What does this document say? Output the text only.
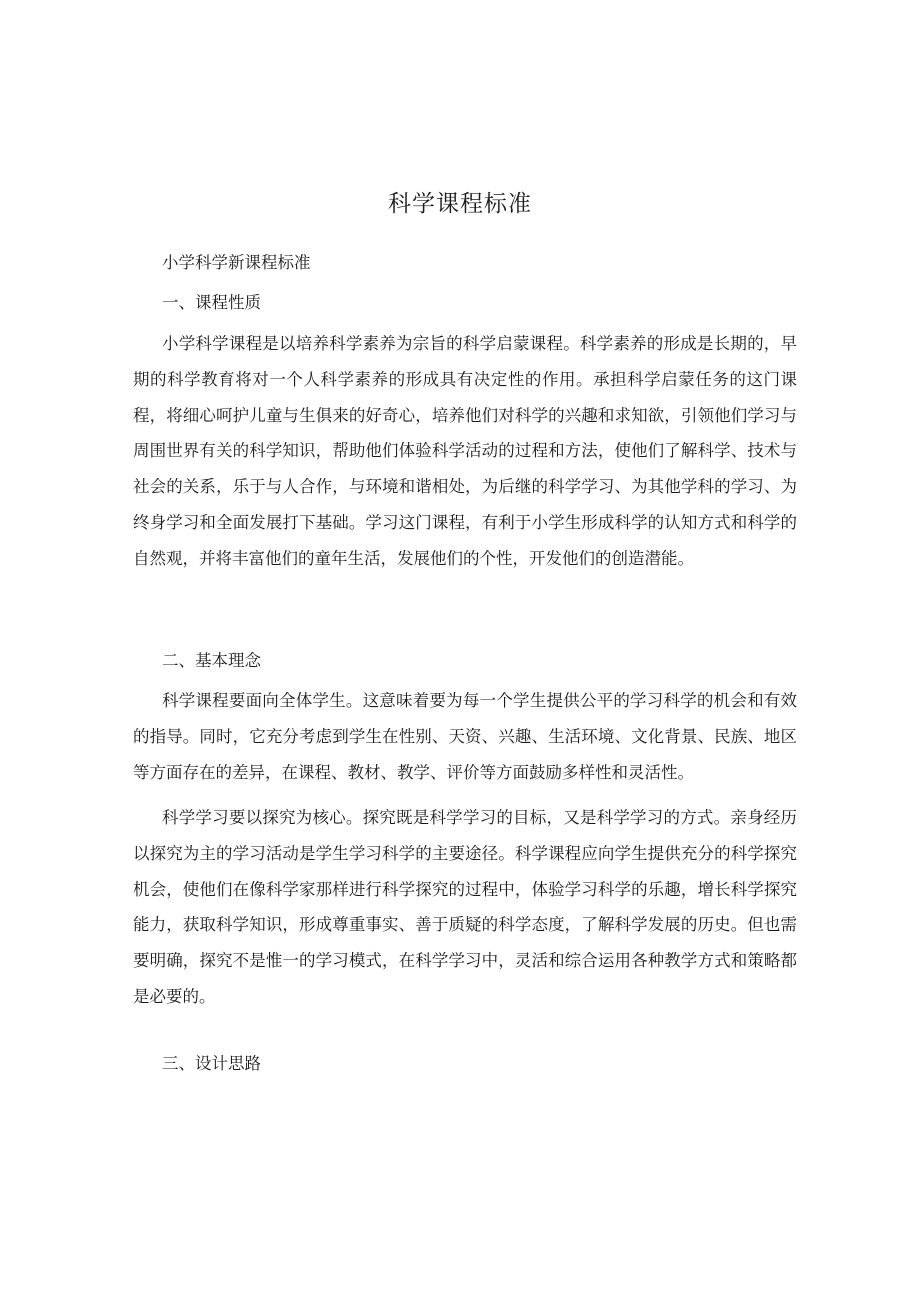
科学课程标准
小学科学新课程标准
一、课程性质

小学科学课程是以培养科学素养为宗旨的科学启蒙课程。科学素养的形成是长期的，早期的科学教育将对一个人科学素养的形成具有决定性的作用。承担科学启蒙任务的这门课程，将细心呵护儿童与生俱来的好奇心，培养他们对科学的兴趣和求知欲，引领他们学习与周围世界有关的科学知识，帮助他们体验科学活动的过程和方法，使他们了解科学、技术与社会的关系，乐于与人合作，与环境和谐相处，为后继的科学学习、为其他学科的学习、为终身学习和全面发展打下基础。学习这门课程，有利于小学生形成科学的认知方式和科学的自然观，并将丰富他们的童年生活，发展他们的个性，开发他们的创造潜能。

二、基本理念

科学课程要面向全体学生。这意味着要为每一个学生提供公平的学习科学的机会和有效的指导。同时，它充分考虑到学生在性别、天资、兴趣、生活环境、文化背景、民族、地区等方面存在的差异，在课程、教材、教学、评价等方面鼓励多样性和灵活性。

科学学习要以探究为核心。探究既是科学学习的目标，又是科学学习的方式。亲身经历以探究为主的学习活动是学生学习科学的主要途径。科学课程应向学生提供充分的科学探究机会，使他们在像科学家那样进行科学探究的过程中，体验学习科学的乐趣，增长科学探究能力，获取科学知识，形成尊重事实、善于质疑的科学态度，了解科学发展的历史。但也需要明确，探究不是惟一的学习模式，在科学学习中，灵活和综合运用各种教学方式和策略都是必要的。

三、设计思路
